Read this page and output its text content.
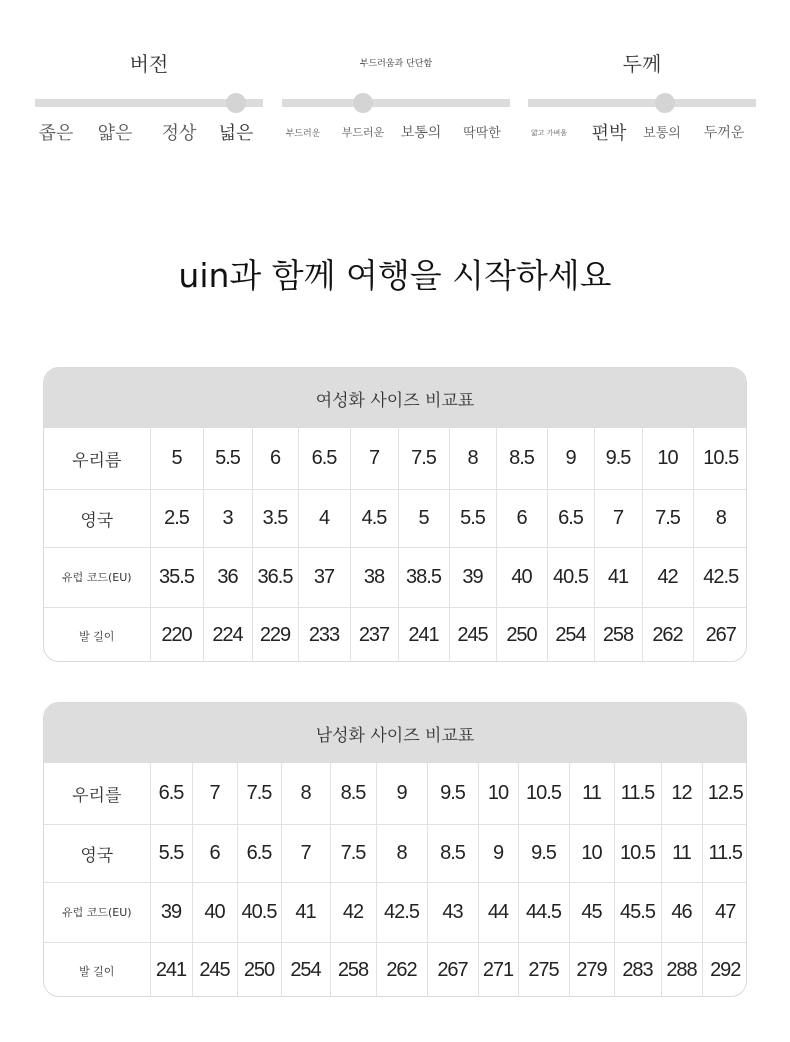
버전
좁은 얇은 정상 넓은
부드러움과 단단함
부드러운 부드러운 보통의 딱딱한
두께
얇고 가벼움 편박 보통의 두꺼운
uin과 함께 여행을 시작하세요
여성화 사이즈 비교표
우리름	5	5.5	6	6.5	7	7.5	8	8.5	9	9.5	10	10.5
영국	2.5	3	3.5	4	4.5	5	5.5	6	6.5	7	7.5	8
유럽 코드(EU)	35.5	36	36.5	37	38	38.5	39	40	40.5	41	42	42.5
발 길이	220	224	229	233	237	241	245	250	254	258	262	267
남성화 사이즈 비교표
우리를	6.5	7	7.5	8	8.5	9	9.5	10	10.5	11	11.5	12	12.5
영국	5.5	6	6.5	7	7.5	8	8.5	9	9.5	10	10.5	11	11.5
유럽 코드(EU)	39	40	40.5	41	42	42.5	43	44	44.5	45	45.5	46	47
발 길이	241	245	250	254	258	262	267	271	275	279	283	288	292
